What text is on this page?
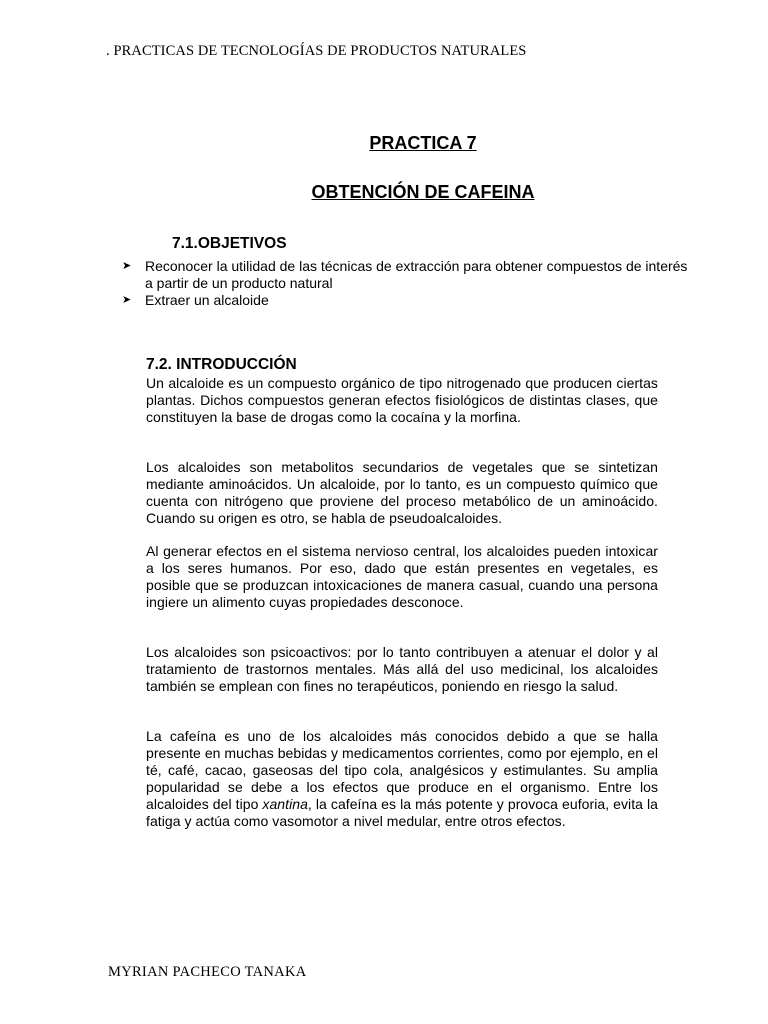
. PRACTICAS DE TECNOLOGÍAS DE PRODUCTOS NATURALES
PRACTICA 7
OBTENCIÓN DE CAFEINA
7.1.OBJETIVOS
➤ Reconocer la utilidad de las técnicas de extracción para obtener compuestos de interés a partir de un producto natural
➤ Extraer un alcaloide
7.2. INTRODUCCIÓN

Un alcaloide es un compuesto orgánico de tipo nitrogenado que producen ciertas plantas. Dichos compuestos generan efectos fisiológicos de distintas clases, que constituyen la base de drogas como la cocaína y la morfina.

Los alcaloides son metabolitos secundarios de vegetales que se sintetizan mediante aminoácidos. Un alcaloide, por lo tanto, es un compuesto químico que cuenta con nitrógeno que proviene del proceso metabólico de un aminoácido. Cuando su origen es otro, se habla de pseudoalcaloides.

Al generar efectos en el sistema nervioso central, los alcaloides pueden intoxicar a los seres humanos. Por eso, dado que están presentes en vegetales, es posible que se produzcan intoxicaciones de manera casual, cuando una persona ingiere un alimento cuyas propiedades desconoce.

Los alcaloides son psicoactivos: por lo tanto contribuyen a atenuar el dolor y al tratamiento de trastornos mentales. Más allá del uso medicinal, los alcaloides también se emplean con fines no terapéuticos, poniendo en riesgo la salud.

La cafeína es uno de los alcaloides más conocidos debido a que se halla presente en muchas bebidas y medicamentos corrientes, como por ejemplo, en el té, café, cacao, gaseosas del tipo cola, analgésicos y estimulantes. Su amplia popularidad se debe a los efectos que produce en el organismo. Entre los alcaloides del tipo xantina, la cafeína es la más potente y provoca euforia, evita la fatiga y actúa como vasomotor a nivel medular, entre otros efectos.

MYRIAN PACHECO TANAKA
